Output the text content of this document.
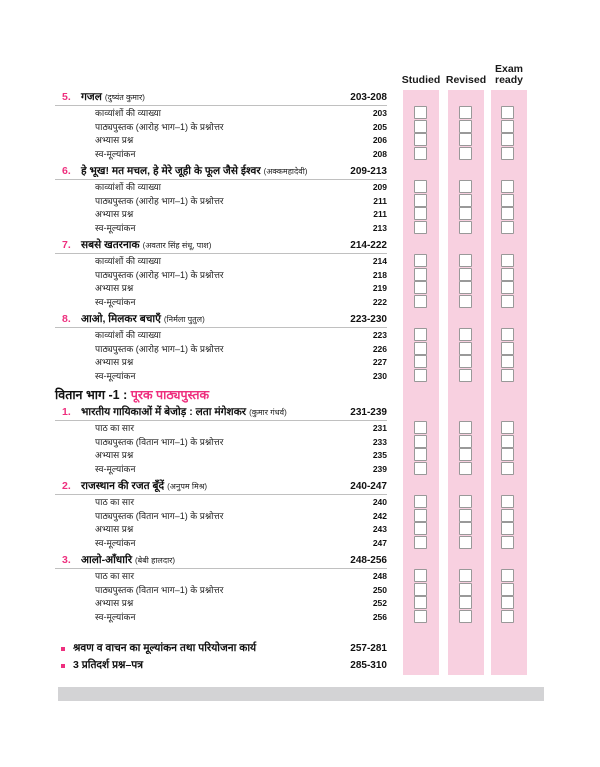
Studied Revised
Exam ready
5. गजल (दुष्यंत कुमार)	203-208
काव्यांशों की व्याख्या	203
पाठ्यपुस्तक (आरोह भाग–1) के प्रश्नोत्तर	205
अभ्यास प्रश्न	206
स्व-मूल्यांकन	208
6. हे भूख! मत मचल, हे मेरे जूही के फूल जैसे ईश्वर (अक्कमहादेवी)	209-213
काव्यांशों की व्याख्या	209
पाठ्यपुस्तक (आरोह भाग–1) के प्रश्नोत्तर	211
अभ्यास प्रश्न	211
स्व-मूल्यांकन	213
7. सबसे खतरनाक (अवतार सिंह संधू, पाश)	214-222
काव्यांशों की व्याख्या	214
पाठ्यपुस्तक (आरोह भाग–1) के प्रश्नोत्तर	218
अभ्यास प्रश्न	219
स्व-मूल्यांकन	222
8. आओ, मिलकर बचाएँ (निर्मला पुतुल)	223-230
काव्यांशों की व्याख्या	223
पाठ्यपुस्तक (आरोह भाग–1) के प्रश्नोत्तर	226
अभ्यास प्रश्न	227
स्व-मूल्यांकन	230
वितान भाग -1 : पूरक पाठ्यपुस्तक
1. भारतीय गायिकाओं में बेजोड़ : लता मंगेशकर (कुमार गंधर्व)	231-239
पाठ का सार	231
पाठ्यपुस्तक (वितान भाग–1) के प्रश्नोत्तर	233
अभ्यास प्रश्न	235
स्व-मूल्यांकन	239
2. राजस्थान की रजत बूँदें (अनुपम मिश्र)	240-247
पाठ का सार	240
पाठ्यपुस्तक (वितान भाग–1) के प्रश्नोत्तर	242
अभ्यास प्रश्न	243
स्व-मूल्यांकन	247
3. आलो-आँधारि (बेबी हालदार)	248-256
पाठ का सार	248
पाठ्यपुस्तक (वितान भाग–1) के प्रश्नोत्तर	250
अभ्यास प्रश्न	252
स्व-मूल्यांकन	256
श्रवण व वाचन का मूल्यांकन तथा परियोजना कार्य	257-281
3 प्रतिदर्श प्रश्न–पत्र	285-310
